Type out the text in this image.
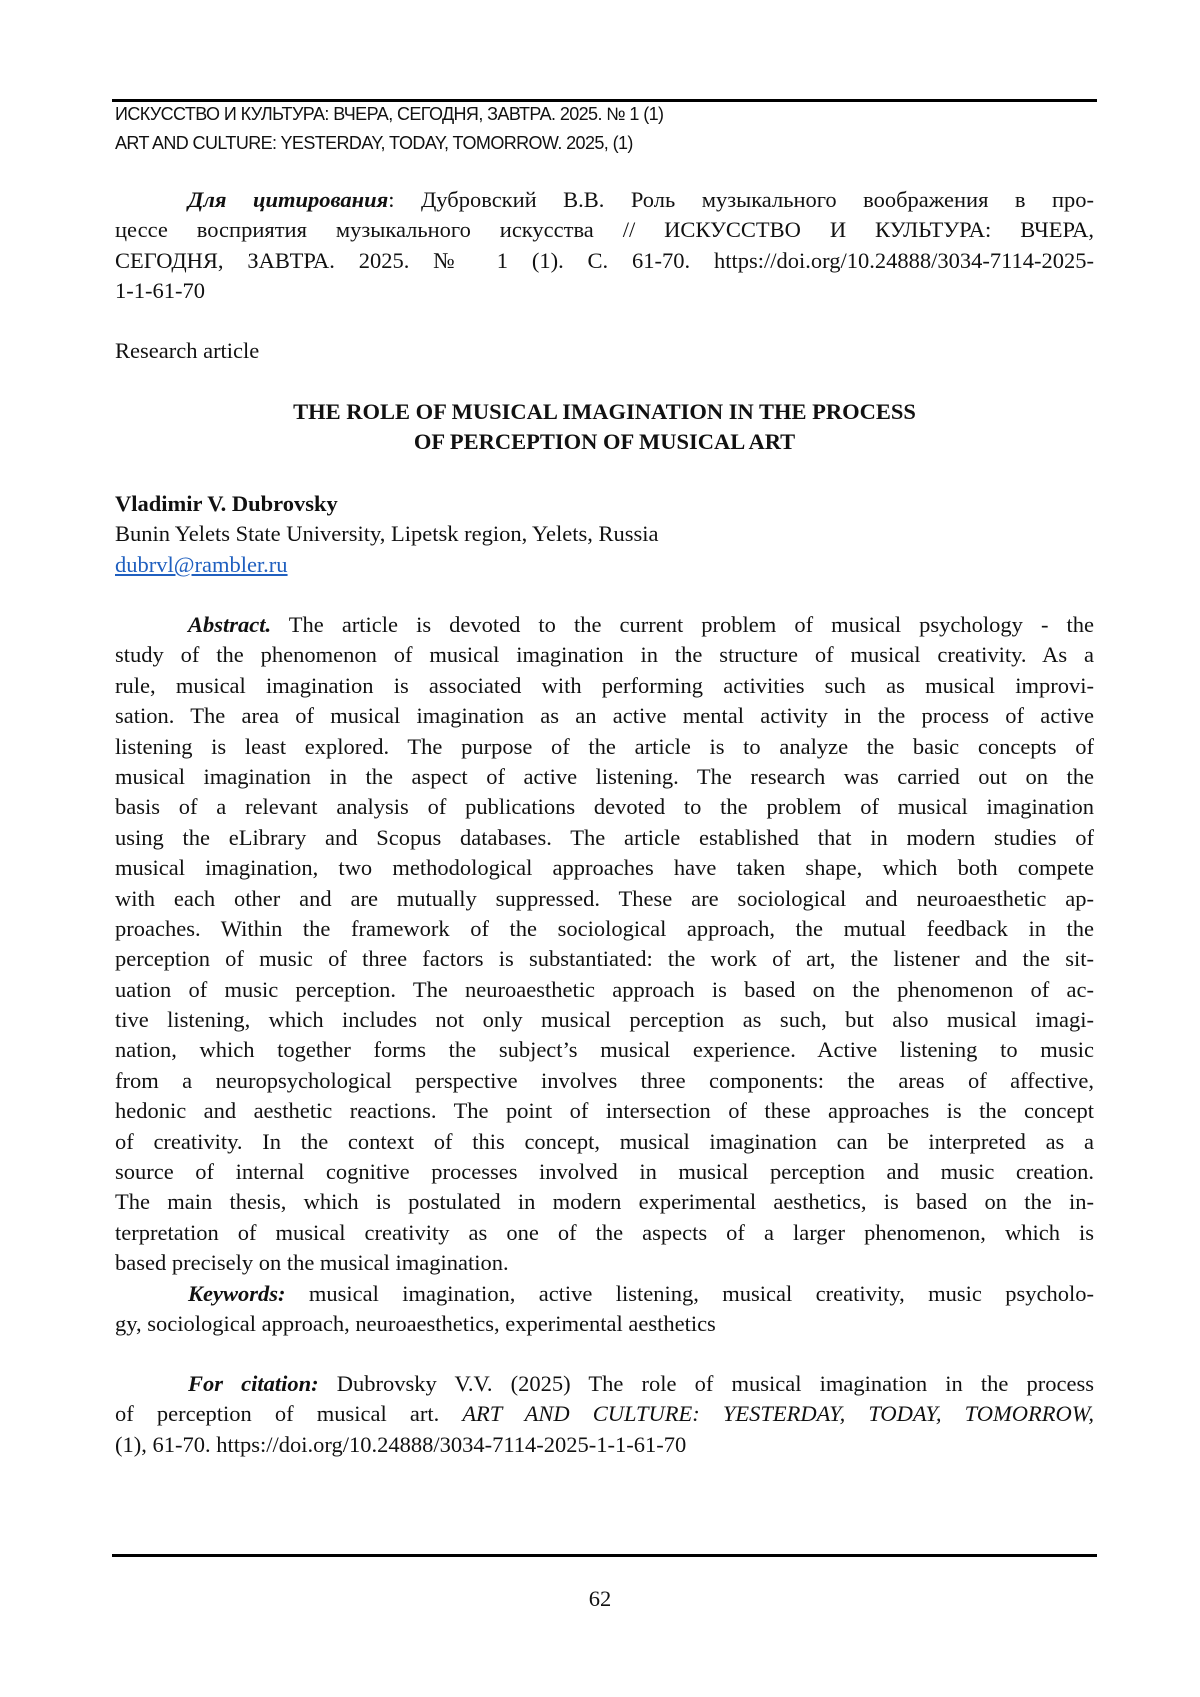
ИСКУССТВО И КУЛЬТУРА: ВЧЕРА, СЕГОДНЯ, ЗАВТРА. 2025. № 1 (1)
ART AND CULTURE: YESTERDAY, TODAY, TOMORROW. 2025, (1)
Для цитирования: Дубровский В.В. Роль музыкального воображения в про-
цессе восприятия музыкального искусства // ИСКУССТВО И КУЛЬТУРА: ВЧЕРА,
СЕГОДНЯ, ЗАВТРА. 2025. № 1 (1). С. 61-70. https://doi.org/10.24888/3034-7114-2025-
1-1-61-70
Research article
THE ROLE OF MUSICAL IMAGINATION IN THE PROCESS
OF PERCEPTION OF MUSICAL ART
Vladimir V. Dubrovsky
Bunin Yelets State University, Lipetsk region, Yelets, Russia
dubrvl@rambler.ru
Abstract. The article is devoted to the current problem of musical psychology - the
study of the phenomenon of musical imagination in the structure of musical creativity. As a
rule, musical imagination is associated with performing activities such as musical improvi-
sation. The area of musical imagination as an active mental activity in the process of active
listening is least explored. The purpose of the article is to analyze the basic concepts of
musical imagination in the aspect of active listening. The research was carried out on the
basis of a relevant analysis of publications devoted to the problem of musical imagination
using the eLibrary and Scopus databases. The article established that in modern studies of
musical imagination, two methodological approaches have taken shape, which both compete
with each other and are mutually suppressed. These are sociological and neuroaesthetic ap-
proaches. Within the framework of the sociological approach, the mutual feedback in the
perception of music of three factors is substantiated: the work of art, the listener and the sit-
uation of music perception. The neuroaesthetic approach is based on the phenomenon of ac-
tive listening, which includes not only musical perception as such, but also musical imagi-
nation, which together forms the subject’s musical experience. Active listening to music
from a neuropsychological perspective involves three components: the areas of affective,
hedonic and aesthetic reactions. The point of intersection of these approaches is the concept
of creativity. In the context of this concept, musical imagination can be interpreted as a
source of internal cognitive processes involved in musical perception and music creation.
The main thesis, which is postulated in modern experimental aesthetics, is based on the in-
terpretation of musical creativity as one of the aspects of a larger phenomenon, which is
based precisely on the musical imagination.
Keywords: musical imagination, active listening, musical creativity, music psycholo-
gy, sociological approach, neuroaesthetics, experimental aesthetics
For citation: Dubrovsky V.V. (2025) The role of musical imagination in the process
of perception of musical art. ART AND CULTURE: YESTERDAY, TODAY, TOMORROW,
(1), 61-70. https://doi.org/10.24888/3034-7114-2025-1-1-61-70
62
